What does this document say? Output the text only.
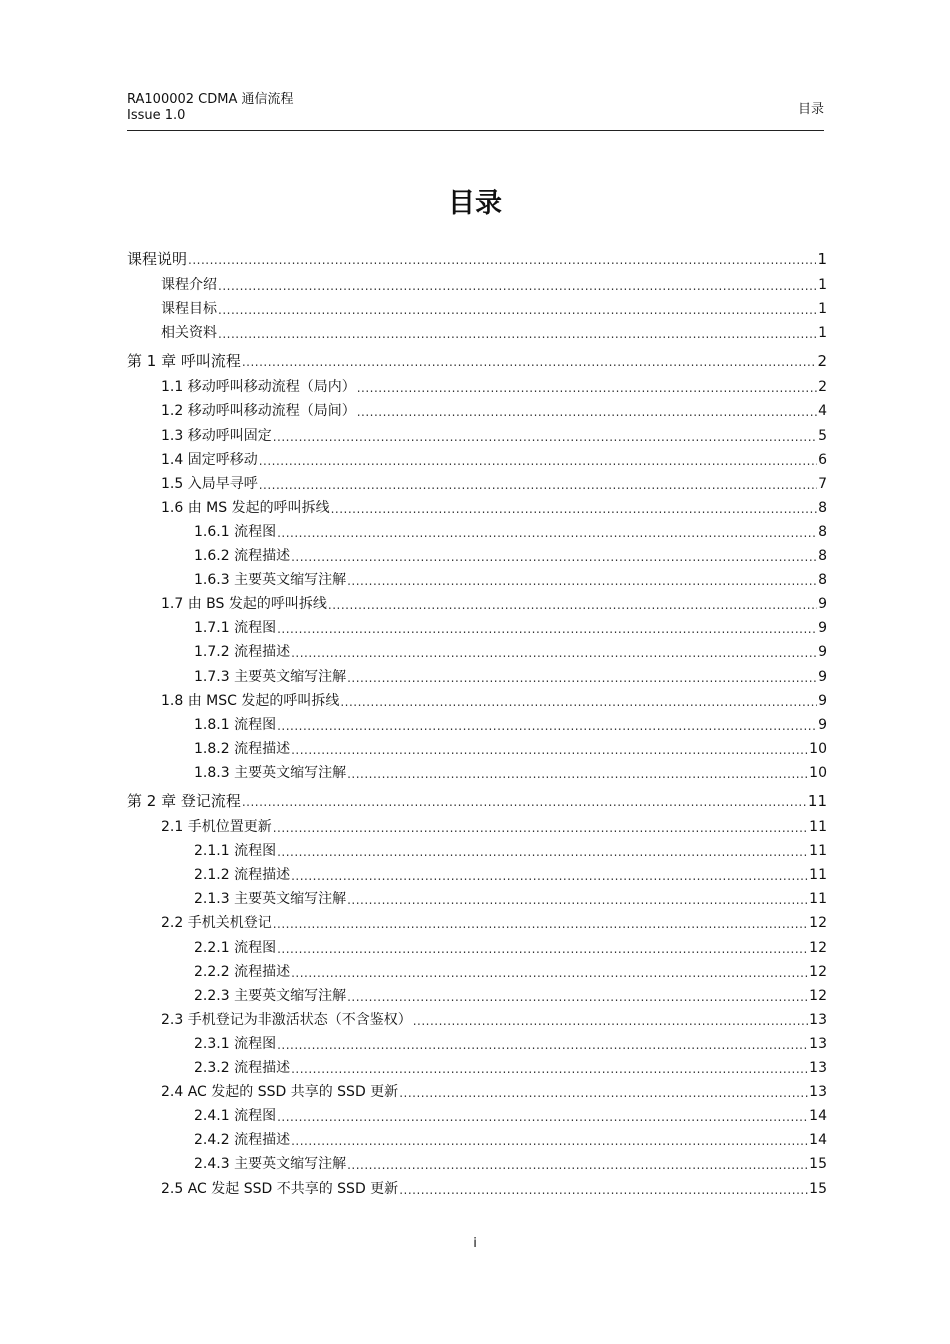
RA100002 CDMA 通信流程
Issue 1.0	目录
目录
课程说明 .....	1
课程介绍 .....	1
课程目标 .....	1
相关资料 .....	1
第 1 章 呼叫流程 .....	2
1.1 移动呼叫移动流程（局内） .....	2
1.2 移动呼叫移动流程（局间） .....	4
1.3 移动呼叫固定 .....	5
1.4 固定呼移动 .....	6
1.5 入局早寻呼 .....	7
1.6 由 MS 发起的呼叫拆线 .....	8
1.6.1 流程图 .....	8
1.6.2 流程描述 .....	8
1.6.3 主要英文缩写注解 .....	8
1.7 由 BS 发起的呼叫拆线 .....	9
1.7.1 流程图 .....	9
1.7.2 流程描述 .....	9
1.7.3 主要英文缩写注解 .....	9
1.8 由 MSC 发起的呼叫拆线 .....	9
1.8.1 流程图 .....	9
1.8.2 流程描述 .....	10
1.8.3 主要英文缩写注解 .....	10
第 2 章 登记流程 .....	11
2.1 手机位置更新 .....	11
2.1.1 流程图 .....	11
2.1.2 流程描述 .....	11
2.1.3 主要英文缩写注解 .....	11
2.2 手机关机登记 .....	12
2.2.1 流程图 .....	12
2.2.2 流程描述 .....	12
2.2.3 主要英文缩写注解 .....	12
2.3 手机登记为非激活状态（不含鉴权） .....	13
2.3.1 流程图 .....	13
2.3.2 流程描述 .....	13
2.4 AC 发起的 SSD 共享的 SSD 更新 .....	13
2.4.1 流程图 .....	14
2.4.2 流程描述 .....	14
2.4.3 主要英文缩写注解 .....	15
2.5 AC 发起 SSD 不共享的 SSD 更新 .....	15
i
